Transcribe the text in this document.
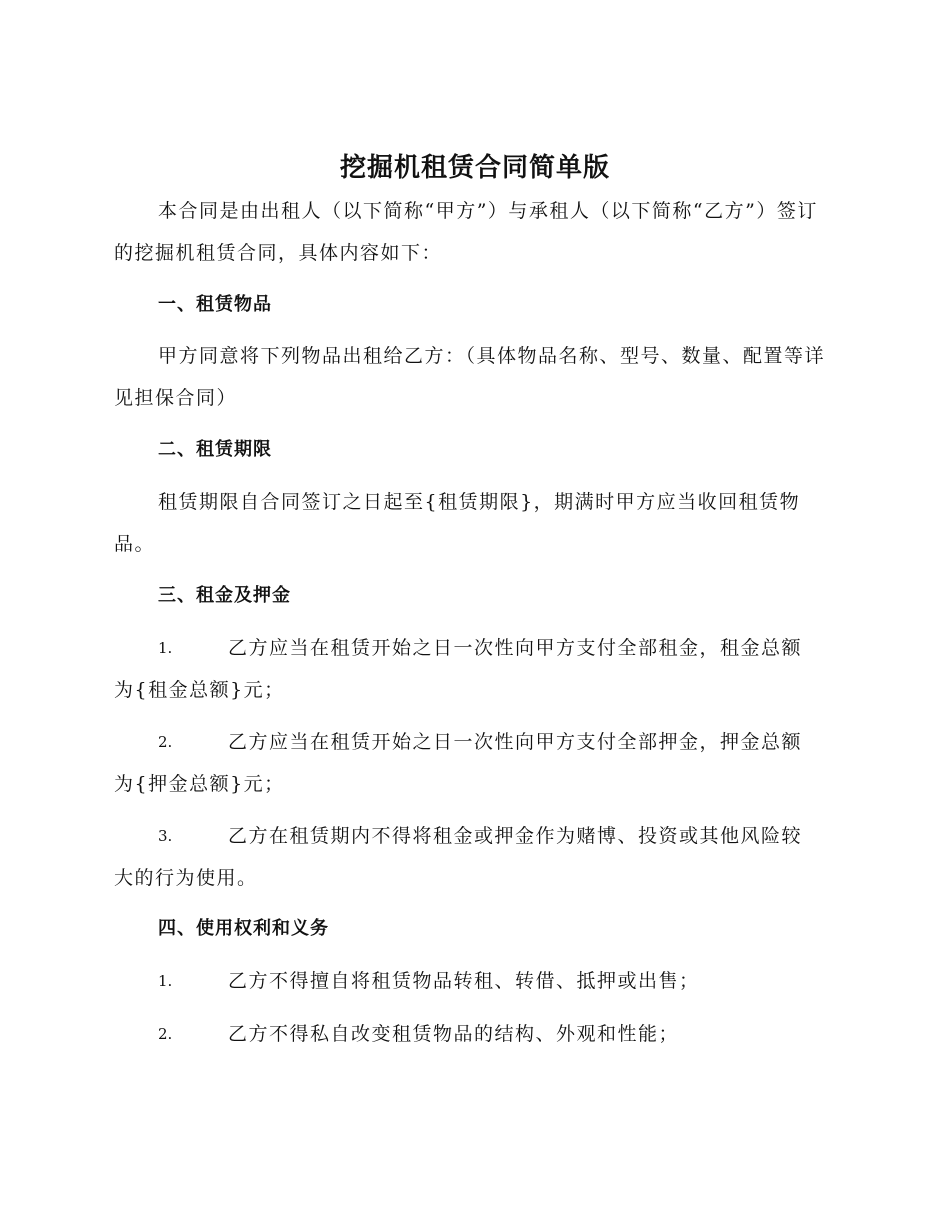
挖掘机租赁合同简单版

本合同是由出租人（以下简称“甲方”）与承租人（以下简称“乙方”）签订的挖掘机租赁合同，具体内容如下：

一、租赁物品

甲方同意将下列物品出租给乙方：（具体物品名称、型号、数量、配置等详见担保合同）

二、租赁期限

租赁期限自合同签订之日起至{租赁期限}，期满时甲方应当收回租赁物品。

三、租金及押金
1.	乙方应当在租赁开始之日一次性向甲方支付全部租金，租金总额
为{租金总额}元；
2.	乙方应当在租赁开始之日一次性向甲方支付全部押金，押金总额
为{押金总额}元；
3.	乙方在租赁期内不得将租金或押金作为赌博、投资或其他风险较
大的行为使用。
四、使用权利和义务
1.	乙方不得擅自将租赁物品转租、转借、抵押或出售；
2.	乙方不得私自改变租赁物品的结构、外观和性能；
